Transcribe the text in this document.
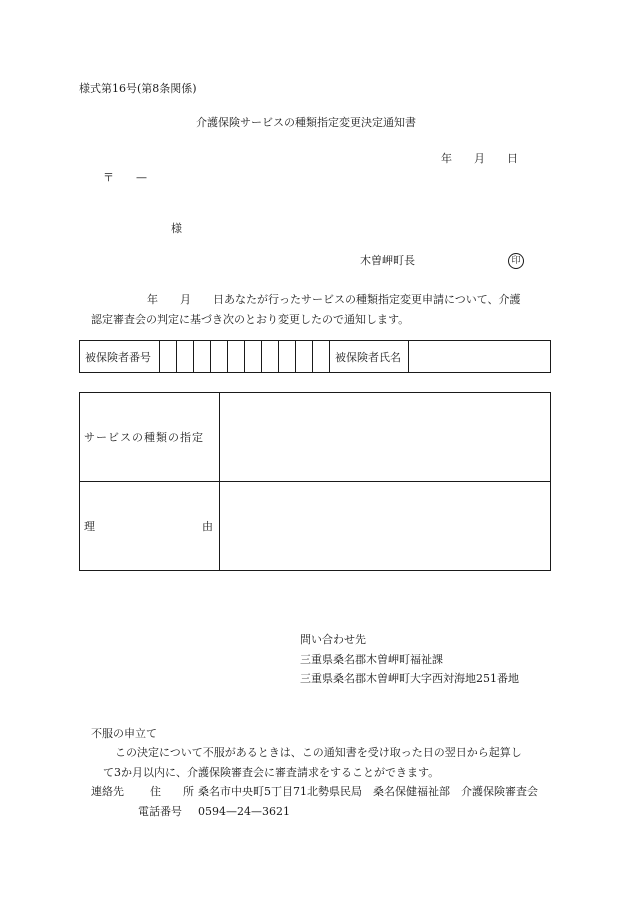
様式第16号(第8条関係)
介護保険サービスの種類指定変更決定通知書
年　　月　　日
〒　　—
様
木曽岬町長	印
年　　月　　日あなたが行ったサービスの種類指定変更申請について、介護
認定審査会の判定に基づき次のとおり変更したので通知します。
被保険者番号											被保険者氏名	
サービスの種類の指定	

理 由	

問い合わせ先
三重県桑名郡木曽岬町福祉課
三重県桑名郡木曽岬町大字西対海地251番地
不服の申立て
この決定について不服があるときは、この通知書を受け取った日の翌日から起算し
て3か月以内に、介護保険審査会に審査請求をすることができます。
連絡先 住　　所 桑名市中央町5丁目71北勢県民局　桑名保健福祉部　介護保険審査会
電話番号 0594—24—3621
